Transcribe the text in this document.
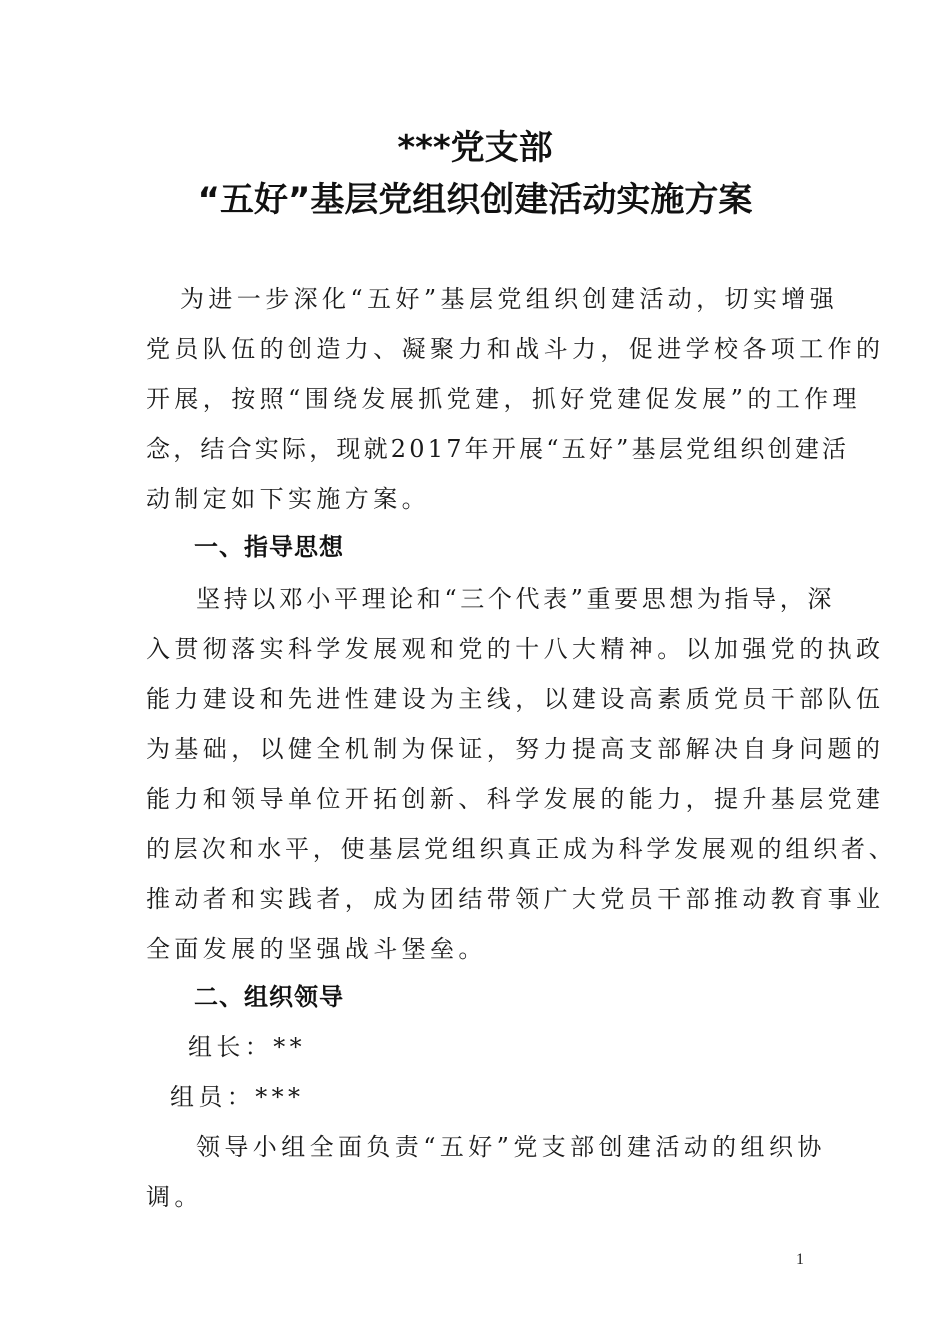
***党支部
“五好”基层党组织创建活动实施方案
为进一步深化“五好”基层党组织创建活动，切实增强
党员队伍的创造力、凝聚力和战斗力，促进学校各项工作的
开展，按照“围绕发展抓党建，抓好党建促发展”的工作理
念，结合实际，现就2017年开展“五好”基层党组织创建活
动制定如下实施方案。
一、指导思想
坚持以邓小平理论和“三个代表”重要思想为指导，深
入贯彻落实科学发展观和党的十八大精神。以加强党的执政
能力建设和先进性建设为主线，以建设高素质党员干部队伍
为基础，以健全机制为保证，努力提高支部解决自身问题的
能力和领导单位开拓创新、科学发展的能力，提升基层党建
的层次和水平，使基层党组织真正成为科学发展观的组织者、
推动者和实践者，成为团结带领广大党员干部推动教育事业
全面发展的坚强战斗堡垒。
二、组织领导
组长：**
组员：***
领导小组全面负责“五好”党支部创建活动的组织协
调。
1
